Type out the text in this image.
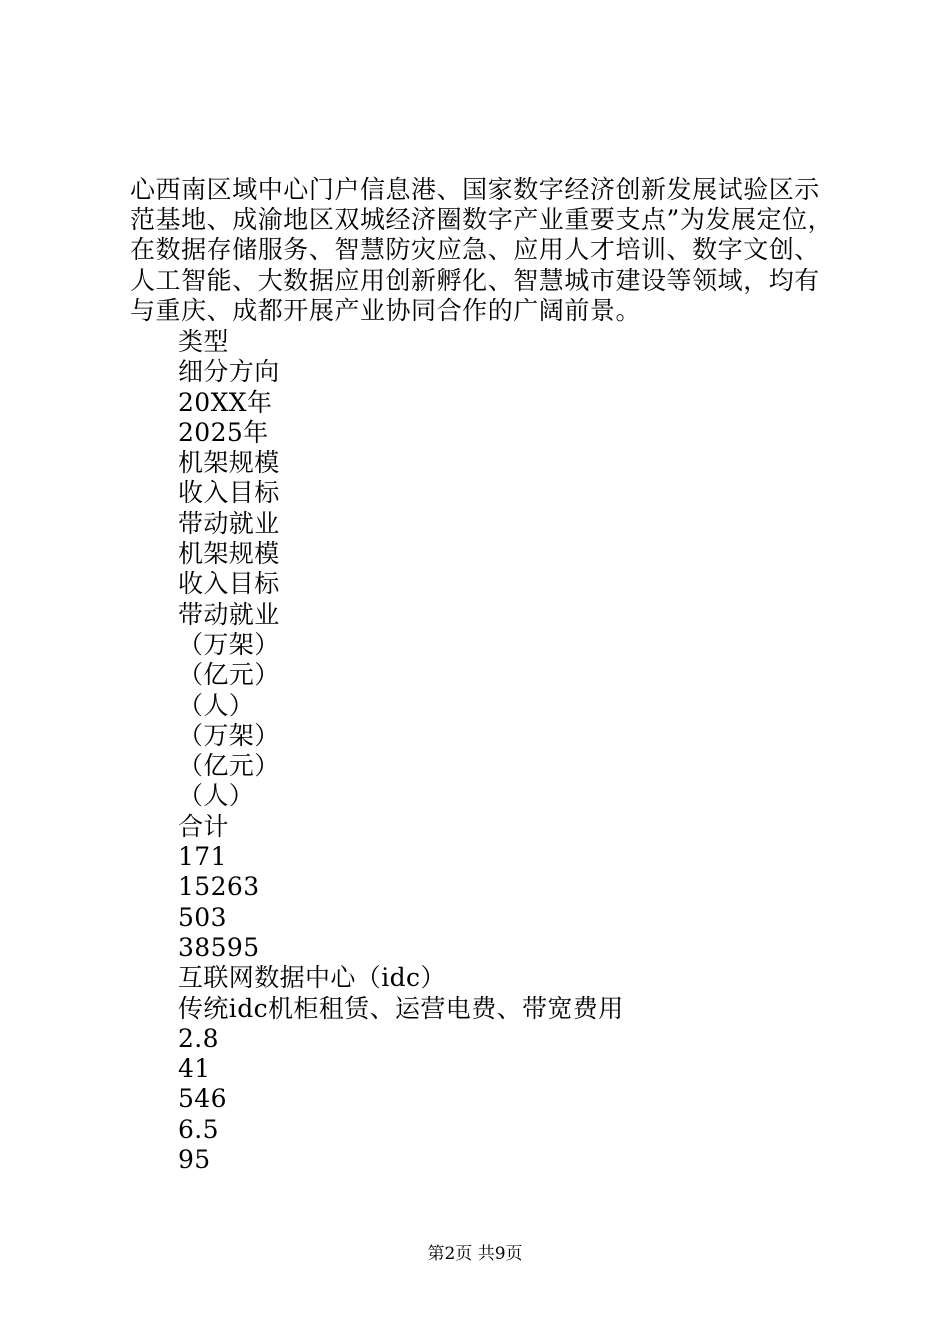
心西南区域中心门户信息港、国家数字经济创新发展试验区示范基地、成渝地区双城经济圈数字产业重要支点”为发展定位，在数据存储服务、智慧防灾应急、应用人才培训、数字文创、人工智能、大数据应用创新孵化、智慧城市建设等领域，均有与重庆、成都开展产业协同合作的广阔前景。

类型
细分方向
20XX年
2025年
机架规模
收入目标
带动就业
机架规模
收入目标
带动就业
（万架）
（亿元）
（人）
（万架）
（亿元）
（人）
合计
171
15263
503
38595
互联网数据中心（idc）
传统idc机柜租赁、运营电费、带宽费用
2.8
41
546
6.5
95
第2页 共9页
